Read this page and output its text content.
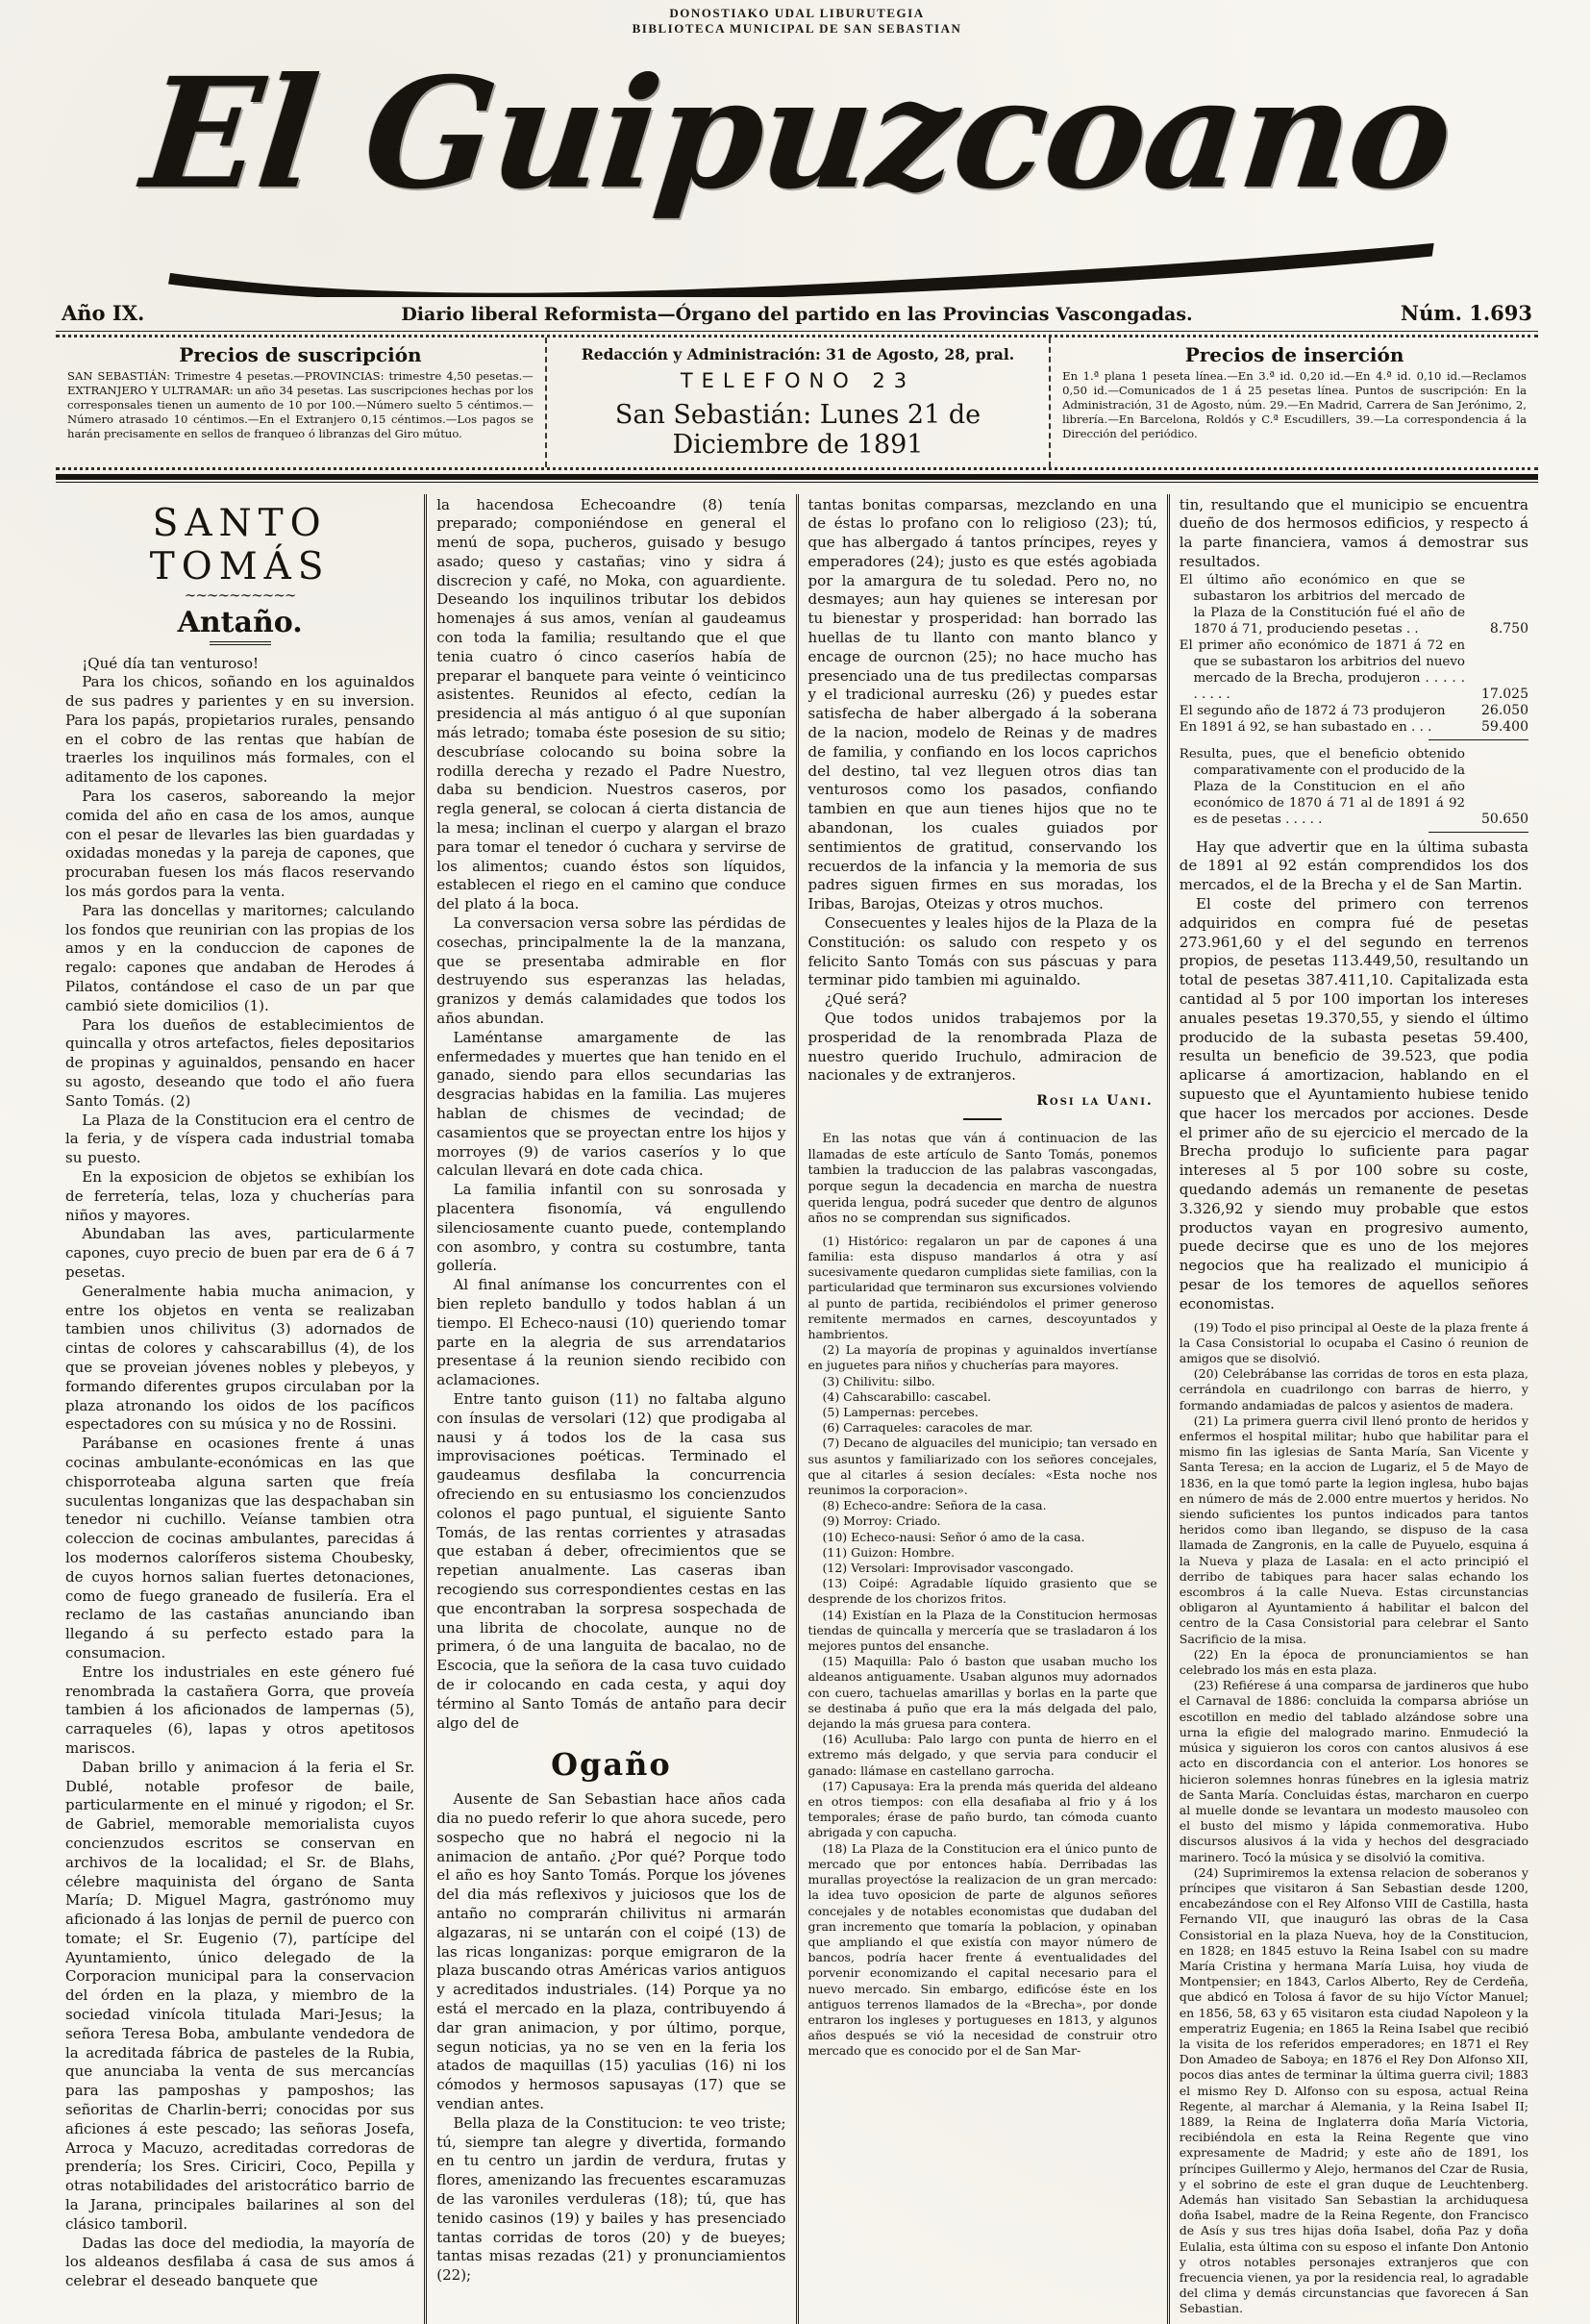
DONOSTIAKO UDAL LIBURUTEGIA
BIBLIOTECA MUNICIPAL DE SAN SEBASTIAN
El Guipuzcoano
Año IX.	Diario liberal Reformista—Órgano del partido en las Provincias Vascongadas.	Núm. 1.693

Precios de suscripción

SAN SEBASTIÁN: Trimestre 4 pesetas.—PROVINCIAS: trimestre 4,50 pesetas.—EXTRANJERO Y ULTRAMAR: un año 34 pesetas. Las suscripciones hechas por los corresponsales tienen un aumento de 10 por 100.—Número suelto 5 céntimos.—Número atrasado 10 céntimos.—En el Extranjero 0,15 céntimos.—Los pagos se harán precisamente en sellos de franqueo ó libranzas del Giro mútuo.

Redacción y Administración: 31 de Agosto, 28, pral.

TELEFONO 23

San Sebastián: Lunes 21 de Diciembre de 1891

Precios de inserción

En 1.ª plana 1 peseta línea.—En 3.ª id. 0,20 id.—En 4.ª id. 0,10 id.—Reclamos 0,50 id.—Comunicados de 1 á 25 pesetas línea. Puntos de suscripción: En la Administración, 31 de Agosto, núm. 29.—En Madrid, Carrera de San Jerónimo, 2, librería.—En Barcelona, Roldós y C.ª Escudillers, 39.—La correspondencia á la Dirección del periódico.

SANTO TOMÁS
∼∼∼∼∼∼∼∼∼∼
Antaño.

¡Qué día tan venturoso!

Para los chicos, soñando en los aguinaldos de sus padres y parientes y en su inversion. Para los papás, propietarios rurales, pensando en el cobro de las rentas que habían de traerles los inquilinos más formales, con el aditamento de los capones.

Para los caseros, saboreando la mejor comida del año en casa de los amos, aunque con el pesar de llevarles las bien guardadas y oxidadas monedas y la pareja de capones, que procuraban fuesen los más flacos reservando los más gordos para la venta.

Para las doncellas y maritornes; calculando los fondos que reunirian con las propias de los amos y en la conduccion de capones de regalo: capones que andaban de Herodes á Pilatos, contándose el caso de un par que cambió siete domicilios (1).

Para los dueños de establecimientos de quincalla y otros artefactos, fieles depositarios de propinas y aguinaldos, pensando en hacer su agosto, deseando que todo el año fuera Santo Tomás. (2)

La Plaza de la Constitucion era el centro de la feria, y de víspera cada industrial tomaba su puesto.

En la exposicion de objetos se exhibían los de ferretería, telas, loza y chucherías para niños y mayores.

Abundaban las aves, particularmente capones, cuyo precio de buen par era de 6 á 7 pesetas.

Generalmente habia mucha animacion, y entre los objetos en venta se realizaban tambien unos chilivitus (3) adornados de cintas de colores y cahscarabillus (4), de los que se proveian jóvenes nobles y plebeyos, y formando diferentes grupos circulaban por la plaza atronando los oidos de los pacíficos espectadores con su música y no de Rossini.

Parábanse en ocasiones frente á unas cocinas ambulante-económicas en las que chisporroteaba alguna sarten que freía suculentas longanizas que las despachaban sin tenedor ni cuchillo. Veíanse tambien otra coleccion de cocinas ambulantes, parecidas á los modernos caloríferos sistema Choubesky, de cuyos hornos salian fuertes detonaciones, como de fuego graneado de fusilería. Era el reclamo de las castañas anunciando iban llegando á su perfecto estado para la consumacion.

Entre los industriales en este género fué renombrada la castañera Gorra, que proveía tambien á los aficionados de lampernas (5), carraqueles (6), lapas y otros apetitosos mariscos.

Daban brillo y animacion á la feria el Sr. Dublé, notable profesor de baile, particularmente en el minué y rigodon; el Sr. de Gabriel, memorable memorialista cuyos concienzudos escritos se conservan en archivos de la localidad; el Sr. de Blahs, célebre maquinista del órgano de Santa María; D. Miguel Magra, gastrónomo muy aficionado á las lonjas de pernil de puerco con tomate; el Sr. Eugenio (7), partícipe del Ayuntamiento, único delegado de la Corporacion municipal para la conservacion del órden en la plaza, y miembro de la sociedad vinícola titulada Mari-Jesus; la señora Teresa Boba, ambulante vendedora de la acreditada fábrica de pasteles de la Rubia, que anunciaba la venta de sus mercancías para las pamposhas y pamposhos; las señoritas de Charlin-berri; conocidas por sus aficiones á este pescado; las señoras Josefa, Arroca y Macuzo, acreditadas corredoras de prendería; los Sres. Ciriciri, Coco, Pepilla y otras notabilidades del aristocrático barrio de la Jarana, principales bailarines al son del clásico tamboril.

Dadas las doce del mediodia, la mayoría de los aldeanos desfilaba á casa de sus amos á celebrar el deseado banquete que

la hacendosa Echecoandre (8) tenía preparado; componiéndose en general el menú de sopa, pucheros, guisado y besugo asado; queso y castañas; vino y sidra á discrecion y café, no Moka, con aguardiente. Deseando los inquilinos tributar los debidos homenajes á sus amos, venían al gaudeamus con toda la familia; resultando que el que tenia cuatro ó cinco caseríos había de preparar el banquete para veinte ó veinticinco asistentes. Reunidos al efecto, cedían la presidencia al más antiguo ó al que suponían más letrado; tomaba éste posesion de su sitio; descubríase colocando su boina sobre la rodilla derecha y rezado el Padre Nuestro, daba su bendicion. Nuestros caseros, por regla general, se colocan á cierta distancia de la mesa; inclinan el cuerpo y alargan el brazo para tomar el tenedor ó cuchara y servirse de los alimentos; cuando éstos son líquidos, establecen el riego en el camino que conduce del plato á la boca.

La conversacion versa sobre las pérdidas de cosechas, principalmente la de la manzana, que se presentaba admirable en flor destruyendo sus esperanzas las heladas, granizos y demás calamidades que todos los años abundan.

Laméntanse amargamente de las enfermedades y muertes que han tenido en el ganado, siendo para ellos secundarias las desgracias habidas en la familia. Las mujeres hablan de chismes de vecindad; de casamientos que se proyectan entre los hijos y morroyes (9) de varios caseríos y lo que calculan llevará en dote cada chica.

La familia infantil con su sonrosada y placentera fisonomía, vá engullendo silenciosamente cuanto puede, contemplando con asombro, y contra su costumbre, tanta gollería.

Al final anímanse los concurrentes con el bien repleto bandullo y todos hablan á un tiempo. El Echeco-nausi (10) queriendo tomar parte en la alegria de sus arrendatarios presentase á la reunion siendo recibido con aclamaciones.

Entre tanto guison (11) no faltaba alguno con ínsulas de versolari (12) que prodigaba al nausi y á todos los de la casa sus improvisaciones poéticas. Terminado el gaudeamus desfilaba la concurrencia ofreciendo en su entusiasmo los concienzudos colonos el pago puntual, el siguiente Santo Tomás, de las rentas corrientes y atrasadas que estaban á deber, ofrecimientos que se repetian anualmente. Las caseras iban recogiendo sus correspondientes cestas en las que encontraban la sorpresa sospechada de una librita de chocolate, aunque no de primera, ó de una languita de bacalao, no de Escocia, que la señora de la casa tuvo cuidado de ir colocando en cada cesta, y aqui doy término al Santo Tomás de antaño para decir algo del de

Ogaño

Ausente de San Sebastian hace años cada dia no puedo referir lo que ahora sucede, pero sospecho que no habrá el negocio ni la animacion de antaño. ¿Por qué? Porque todo el año es hoy Santo Tomás. Porque los jóvenes del dia más reflexivos y juiciosos que los de antaño no comprarán chilivitus ni armarán algazaras, ni se untarán con el coipé (13) de las ricas longanizas: porque emigraron de la plaza buscando otras Américas varios antiguos y acreditados industriales. (14) Porque ya no está el mercado en la plaza, contribuyendo á dar gran animacion, y por último, porque, segun noticias, ya no se ven en la feria los atados de maquillas (15) yaculias (16) ni los cómodos y hermosos sapusayas (17) que se vendian antes.

Bella plaza de la Constitucion: te veo triste; tú, siempre tan alegre y divertida, formando en tu centro un jardin de verdura, frutas y flores, amenizando las frecuentes escaramuzas de las varoniles verduleras (18); tú, que has tenido casinos (19) y bailes y has presenciado tantas corridas de toros (20) y de bueyes; tantas misas rezadas (21) y pronunciamientos (22);

tantas bonitas comparsas, mezclando en una de éstas lo profano con lo religioso (23); tú, que has albergado á tantos príncipes, reyes y emperadores (24); justo es que estés agobiada por la amargura de tu soledad. Pero no, no desmayes; aun hay quienes se interesan por tu bienestar y prosperidad: han borrado las huellas de tu llanto con manto blanco y encage de ourcnon (25); no hace mucho has presenciado una de tus predilectas comparsas y el tradicional aurresku (26) y puedes estar satisfecha de haber albergado á la soberana de la nacion, modelo de Reinas y de madres de familia, y confiando en los locos caprichos del destino, tal vez lleguen otros dias tan venturosos como los pasados, confiando tambien en que aun tienes hijos que no te abandonan, los cuales guiados por sentimientos de gratitud, conservando los recuerdos de la infancia y la memoria de sus padres siguen firmes en sus moradas, los Iribas, Barojas, Oteizas y otros muchos.

Consecuentes y leales hijos de la Plaza de la Constitución: os saludo con respeto y os felicito Santo Tomás con sus páscuas y para terminar pido tambien mi aguinaldo.

¿Qué será?

Que todos unidos trabajemos por la prosperidad de la renombrada Plaza de nuestro querido Iruchulo, admiracion de nacionales y de extranjeros.

Rosi la Uani.

En las notas que ván á continuacion de las llamadas de este artículo de Santo Tomás, ponemos tambien la traduccion de las palabras vascongadas, porque segun la decadencia en marcha de nuestra querida lengua, podrá suceder que dentro de algunos años no se comprendan sus significados.

(1) Histórico: regalaron un par de capones á una familia: esta dispuso mandarlos á otra y así sucesivamente quedaron cumplidas siete familias, con la particularidad que terminaron sus excursiones volviendo al punto de partida, recibiéndolos el primer generoso remitente mermados en carnes, descoyuntados y hambrientos.

(2) La mayoría de propinas y aguinaldos invertíanse en juguetes para niños y chucherías para mayores.

(3) Chilivitu: silbo.

(4) Cahscarabillo: cascabel.

(5) Lampernas: percebes.

(6) Carraqueles: caracoles de mar.

(7) Decano de alguaciles del municipio; tan versado en sus asuntos y familiarizado con los señores concejales, que al citarles á sesion decíales: «Esta noche nos reunimos la corporacion».

(8) Echeco-andre: Señora de la casa.

(9) Morroy: Criado.

(10) Echeco-nausi: Señor ó amo de la casa.

(11) Guizon: Hombre.

(12) Versolari: Improvisador vascongado.

(13) Coipé: Agradable líquido grasiento que se desprende de los chorizos fritos.

(14) Existían en la Plaza de la Constitucion hermosas tiendas de quincalla y mercería que se trasladaron á los mejores puntos del ensanche.

(15) Maquilla: Palo ó baston que usaban mucho los aldeanos antiguamente. Usaban algunos muy adornados con cuero, tachuelas amarillas y borlas en la parte que se destinaba á puño que era la más delgada del palo, dejando la más gruesa para contera.

(16) Aculluba: Palo largo con punta de hierro en el extremo más delgado, y que servia para conducir el ganado: llámase en castellano garrocha.

(17) Capusaya: Era la prenda más querida del aldeano en otros tiempos: con ella desafiaba al frio y á los temporales; érase de paño burdo, tan cómoda cuanto abrigada y con capucha.

(18) La Plaza de la Constitucion era el único punto de mercado que por entonces había. Derribadas las murallas proyectóse la realizacion de un gran mercado: la idea tuvo oposicion de parte de algunos señores concejales y de notables economistas que dudaban del gran incremento que tomaría la poblacion, y opinaban que ampliando el que existía con mayor número de bancos, podría hacer frente á eventualidades del porvenir economizando el capital necesario para el nuevo mercado. Sin embargo, edificóse éste en los antiguos terrenos llamados de la «Brecha», por donde entraron los ingleses y portugueses en 1813, y algunos años después se vió la necesidad de construir otro mercado que es conocido por el de San Mar-

tin, resultando que el municipio se encuentra dueño de dos hermosos edificios, y respecto á la parte financiera, vamos á demostrar sus resultados.

El último año económico en que se subastaron los arbitrios del mercado de la Plaza de la Constitución fué el año de 1870 á 71, produciendo pesetas . .	8.750
El primer año económico de 1871 á 72 en que se subastaron los arbitrios del nuevo mercado de la Brecha, produjeron . . . . . . . . . .	17.025
El segundo año de 1872 á 73 produjeron	26.050
En 1891 á 92, se han subastado en . . .	59.400
Resulta, pues, que el beneficio obtenido comparativamente con el producido de la Plaza de la Constitucion en el año económico de 1870 á 71 al de 1891 á 92 es de pesetas . . . . .	50.650

Hay que advertir que en la última subasta de 1891 al 92 están comprendidos los dos mercados, el de la Brecha y el de San Martin.

El coste del primero con terrenos adquiridos en compra fué de pesetas 273.961,60 y el del segundo en terrenos propios, de pesetas 113.449,50, resultando un total de pesetas 387.411,10. Capitalizada esta cantidad al 5 por 100 importan los intereses anuales pesetas 19.370,55, y siendo el último producido de la subasta pesetas 59.400, resulta un beneficio de 39.523, que podia aplicarse á amortizacion, hablando en el supuesto que el Ayuntamiento hubiese tenido que hacer los mercados por acciones. Desde el primer año de su ejercicio el mercado de la Brecha produjo lo suficiente para pagar intereses al 5 por 100 sobre su coste, quedando además un remanente de pesetas 3.326,92 y siendo muy probable que estos productos vayan en progresivo aumento, puede decirse que es uno de los mejores negocios que ha realizado el municipio á pesar de los temores de aquellos señores economistas.

(19) Todo el piso principal al Oeste de la plaza frente á la Casa Consistorial lo ocupaba el Casino ó reunion de amigos que se disolvió.

(20) Celebrábanse las corridas de toros en esta plaza, cerrándola en cuadrilongo con barras de hierro, y formando andamiadas de palcos y asientos de madera.

(21) La primera guerra civil llenó pronto de heridos y enfermos el hospital militar; hubo que habilitar para el mismo fin las iglesias de Santa María, San Vicente y Santa Teresa; en la accion de Lugariz, el 5 de Mayo de 1836, en la que tomó parte la legion inglesa, hubo bajas en número de más de 2.000 entre muertos y heridos. No siendo suficientes los puntos indicados para tantos heridos como iban llegando, se dispuso de la casa llamada de Zangronis, en la calle de Puyuelo, esquina á la Nueva y plaza de Lasala: en el acto principió el derribo de tabiques para hacer salas echando los escombros á la calle Nueva. Estas circunstancias obligaron al Ayuntamiento á habilitar el balcon del centro de la Casa Consistorial para celebrar el Santo Sacrificio de la misa.

(22) En la época de pronunciamientos se han celebrado los más en esta plaza.

(23) Refiérese á una comparsa de jardineros que hubo el Carnaval de 1886: concluida la comparsa abrióse un escotillon en medio del tablado alzándose sobre una urna la efigie del malogrado marino. Enmudeció la música y siguieron los coros con cantos alusivos á ese acto en discordancia con el anterior. Los honores se hicieron solemnes honras fúnebres en la iglesia matriz de Santa María. Concluidas éstas, marcharon en cuerpo al muelle donde se levantara un modesto mausoleo con el busto del mismo y lápida conmemorativa. Hubo discursos alusivos á la vida y hechos del desgraciado marinero. Tocó la música y se disolvió la comitiva.

(24) Suprimiremos la extensa relacion de soberanos y príncipes que visitaron á San Sebastian desde 1200, encabezándose con el Rey Alfonso VIII de Castilla, hasta Fernando VII, que inauguró las obras de la Casa Consistorial en la plaza Nueva, hoy de la Constitucion, en 1828; en 1845 estuvo la Reina Isabel con su madre María Cristina y hermana María Luisa, hoy viuda de Montpensier; en 1843, Carlos Alberto, Rey de Cerdeña, que abdicó en Tolosa á favor de su hijo Víctor Manuel; en 1856, 58, 63 y 65 visitaron esta ciudad Napoleon y la emperatriz Eugenia; en 1865 la Reina Isabel que recibió la visita de los referidos emperadores; en 1871 el Rey Don Amadeo de Saboya; en 1876 el Rey Don Alfonso XII, pocos dias antes de terminar la última guerra civil; 1883 el mismo Rey D. Alfonso con su esposa, actual Reina Regente, al marchar á Alemania, y la Reina Isabel II; 1889, la Reina de Inglaterra doña María Victoria, recibiéndola en esta la Reina Regente que vino expresamente de Madrid; y este año de 1891, los príncipes Guillermo y Alejo, hermanos del Czar de Rusia, y el sobrino de este el gran duque de Leuchtenberg. Además han visitado San Sebastian la archiduquesa doña Isabel, madre de la Reina Regente, don Francisco de Asís y sus tres hijas doña Isabel, doña Paz y doña Eulalia, esta última con su esposo el infante Don Antonio y otros notables personajes extranjeros que con frecuencia vienen, ya por la residencia real, lo agradable del clima y demás circunstancias que favorecen á San Sebastian.
